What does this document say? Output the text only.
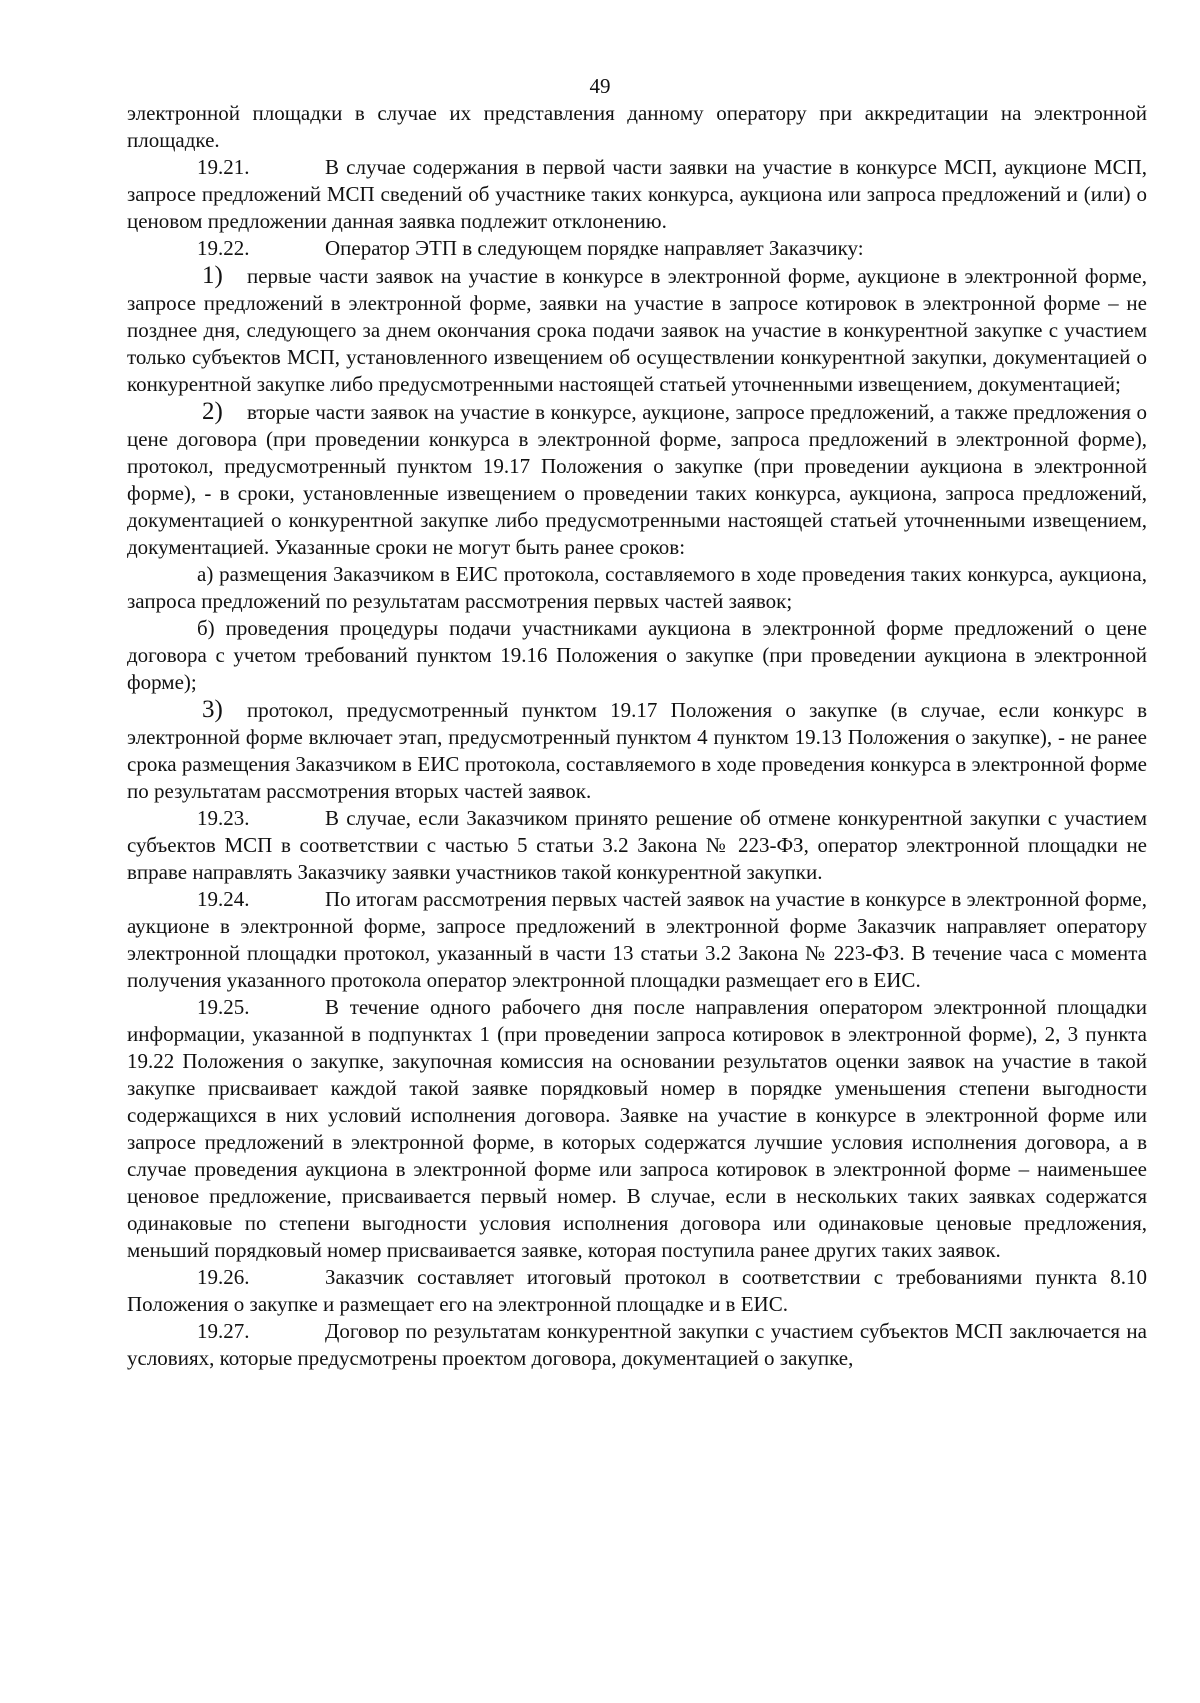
49

электронной площадки в случае их представления данному оператору при аккредитации на электронной площадке.

19.21.	В случае содержания в первой части заявки на участие в конкурсе МСП, аукционе МСП, запросе предложений МСП сведений об участнике таких конкурса, аукциона или запроса предложений и (или) о ценовом предложении данная заявка подлежит отклонению.

19.22.	Оператор ЭТП в следующем порядке направляет Заказчику:

1) первые части заявок на участие в конкурсе в электронной форме, аукционе в электронной форме, запросе предложений в электронной форме, заявки на участие в запросе котировок в электронной форме – не позднее дня, следующего за днем окончания срока подачи заявок на участие в конкурентной закупке с участием только субъектов МСП, установленного извещением об осуществлении конкурентной закупки, документацией о конкурентной закупке либо предусмотренными настоящей статьей уточненными извещением, документацией;

2) вторые части заявок на участие в конкурсе, аукционе, запросе предложений, а также предложения о цене договора (при проведении конкурса в электронной форме, запроса предложений в электронной форме), протокол, предусмотренный пунктом 19.17 Положения о закупке (при проведении аукциона в электронной форме), - в сроки, установленные извещением о проведении таких конкурса, аукциона, запроса предложений, документацией о конкурентной закупке либо предусмотренными настоящей статьей уточненными извещением, документацией. Указанные сроки не могут быть ранее сроков:

а) размещения Заказчиком в ЕИС протокола, составляемого в ходе проведения таких конкурса, аукциона, запроса предложений по результатам рассмотрения первых частей заявок;

б) проведения процедуры подачи участниками аукциона в электронной форме предложений о цене договора с учетом требований пунктом 19.16 Положения о закупке (при проведении аукциона в электронной форме);

3) протокол, предусмотренный пунктом 19.17 Положения о закупке (в случае, если конкурс в электронной форме включает этап, предусмотренный пунктом 4 пунктом 19.13 Положения о закупке), - не ранее срока размещения Заказчиком в ЕИС протокола, составляемого в ходе проведения конкурса в электронной форме по результатам рассмотрения вторых частей заявок.

19.23.	В случае, если Заказчиком принято решение об отмене конкурентной закупки с участием субъектов МСП в соответствии с частью 5 статьи 3.2 Закона № 223-ФЗ, оператор электронной площадки не вправе направлять Заказчику заявки участников такой конкурентной закупки.

19.24.	По итогам рассмотрения первых частей заявок на участие в конкурсе в электронной форме, аукционе в электронной форме, запросе предложений в электронной форме Заказчик направляет оператору электронной площадки протокол, указанный в части 13 статьи 3.2 Закона № 223-ФЗ. В течение часа с момента получения указанного протокола оператор электронной площадки размещает его в ЕИС.

19.25.	В течение одного рабочего дня после направления оператором электронной площадки информации, указанной в подпунктах 1 (при проведении запроса котировок в электронной форме), 2, 3 пункта 19.22 Положения о закупке, закупочная комиссия на основании результатов оценки заявок на участие в такой закупке присваивает каждой такой заявке порядковый номер в порядке уменьшения степени выгодности содержащихся в них условий исполнения договора. Заявке на участие в конкурсе в электронной форме или запросе предложений в электронной форме, в которых содержатся лучшие условия исполнения договора, а в случае проведения аукциона в электронной форме или запроса котировок в электронной форме – наименьшее ценовое предложение, присваивается первый номер. В случае, если в нескольких таких заявках содержатся одинаковые по степени выгодности условия исполнения договора или одинаковые ценовые предложения, меньший порядковый номер присваивается заявке, которая поступила ранее других таких заявок.

19.26.	Заказчик составляет итоговый протокол в соответствии с требованиями пункта 8.10 Положения о закупке и размещает его на электронной площадке и в ЕИС.

19.27.	Договор по результатам конкурентной закупки с участием субъектов МСП заключается на условиях, которые предусмотрены проектом договора, документацией о закупке,
